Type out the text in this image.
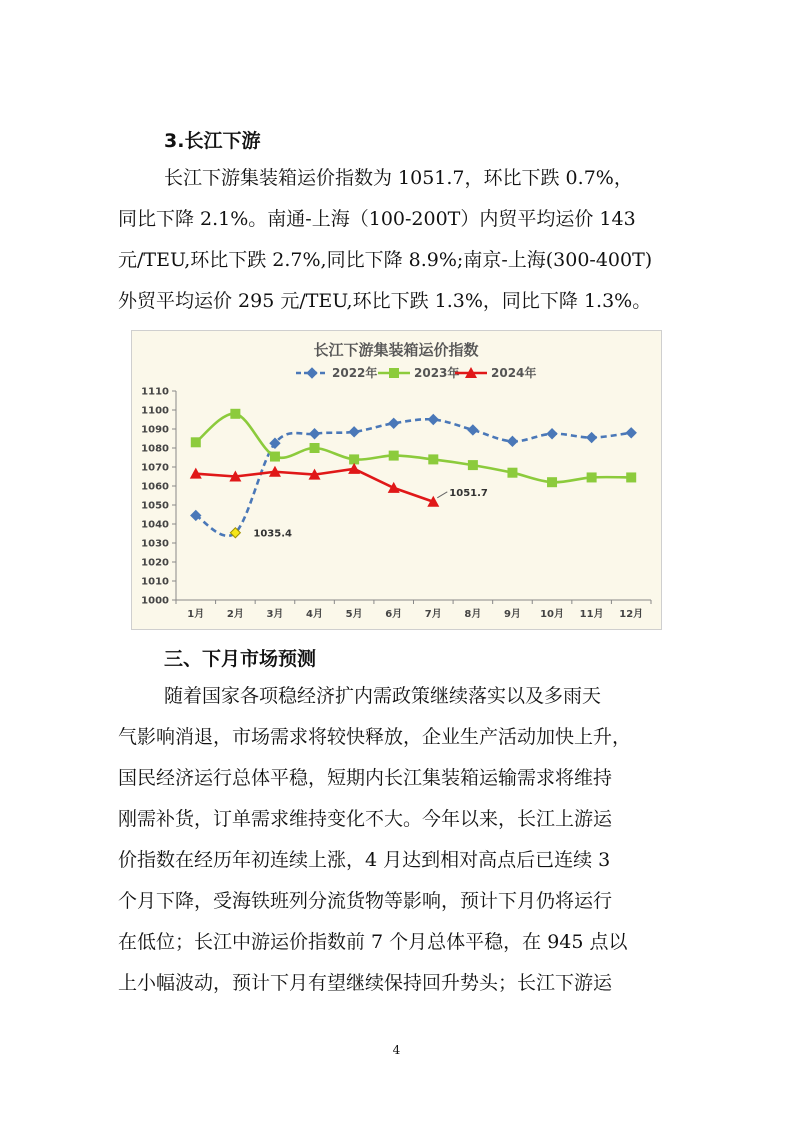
3.长江下游
长江下游集装箱运价指数为 1051.7，环比下跌 0.7%，
同比下降 2.1%。南通-上海（100-200T）内贸平均运价 143
元/TEU,环比下跌 2.7%,同比下降 8.9%;南京-上海(300-400T)
外贸平均运价 295 元/TEU,环比下跌 1.3%，同比下降 1.3%。
长江下游集装箱运价指数
1000
1010
1020
1030
1040
1050
1060
1070
1080
1090
1100
1110
1月 2月 3月 4月 5月 6月 7月 8月 9月 10月 11月 12月
1035.4
1051.7
2022年	2023年	2024年
三、下月市场预测
随着国家各项稳经济扩内需政策继续落实以及多雨天
气影响消退，市场需求将较快释放，企业生产活动加快上升，
国民经济运行总体平稳，短期内长江集装箱运输需求将维持
刚需补货，订单需求维持变化不大。今年以来，长江上游运
价指数在经历年初连续上涨，4 月达到相对高点后已连续 3
个月下降，受海铁班列分流货物等影响，预计下月仍将运行
在低位；长江中游运价指数前 7 个月总体平稳，在 945 点以
上小幅波动，预计下月有望继续保持回升势头；长江下游运
4
